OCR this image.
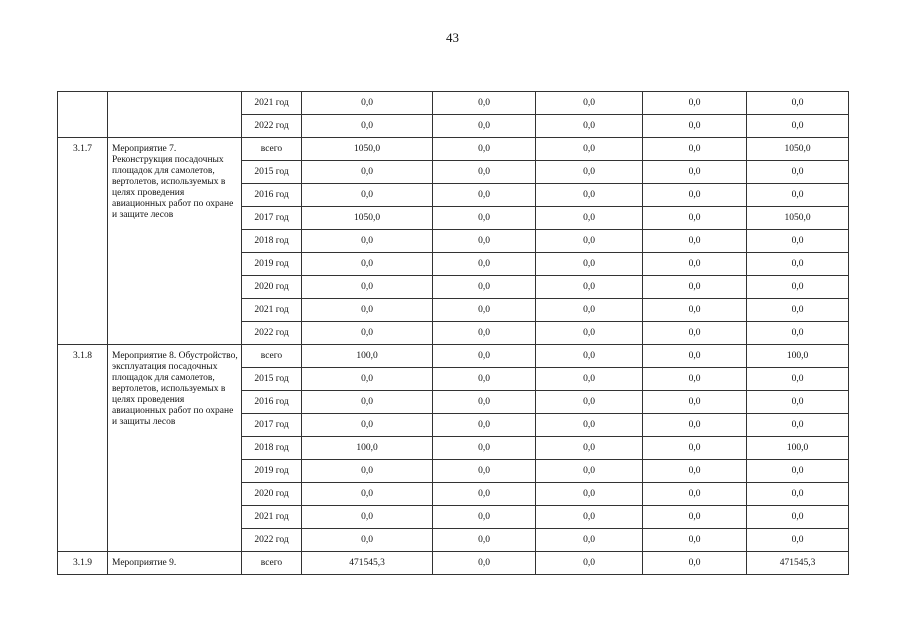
43
		2021 год	0,0	0,0	0,0	0,0	0,0
		2022 год	0,0	0,0	0,0	0,0	0,0
3.1.7	Мероприятие 7. Реконструкция посадочных площадок для самолетов, вертолетов, используемых в целях проведения авиационных работ по охране и защите лесов	всего	1050,0	0,0	0,0	0,0	1050,0
		2015 год	0,0	0,0	0,0	0,0	0,0
		2016 год	0,0	0,0	0,0	0,0	0,0
		2017 год	1050,0	0,0	0,0	0,0	1050,0
		2018 год	0,0	0,0	0,0	0,0	0,0
		2019 год	0,0	0,0	0,0	0,0	0,0
		2020 год	0,0	0,0	0,0	0,0	0,0
		2021 год	0,0	0,0	0,0	0,0	0,0
		2022 год	0,0	0,0	0,0	0,0	0,0
3.1.8	Мероприятие 8. Обустройство, эксплуатация посадочных площадок для самолетов, вертолетов, используемых в целях проведения авиационных работ по охране и защиты лесов	всего	100,0	0,0	0,0	0,0	100,0
		2015 год	0,0	0,0	0,0	0,0	0,0
		2016 год	0,0	0,0	0,0	0,0	0,0
		2017 год	0,0	0,0	0,0	0,0	0,0
		2018 год	100,0	0,0	0,0	0,0	100,0
		2019 год	0,0	0,0	0,0	0,0	0,0
		2020 год	0,0	0,0	0,0	0,0	0,0
		2021 год	0,0	0,0	0,0	0,0	0,0
		2022 год	0,0	0,0	0,0	0,0	0,0
3.1.9	Мероприятие 9.	всего	471545,3	0,0	0,0	0,0	471545,3
